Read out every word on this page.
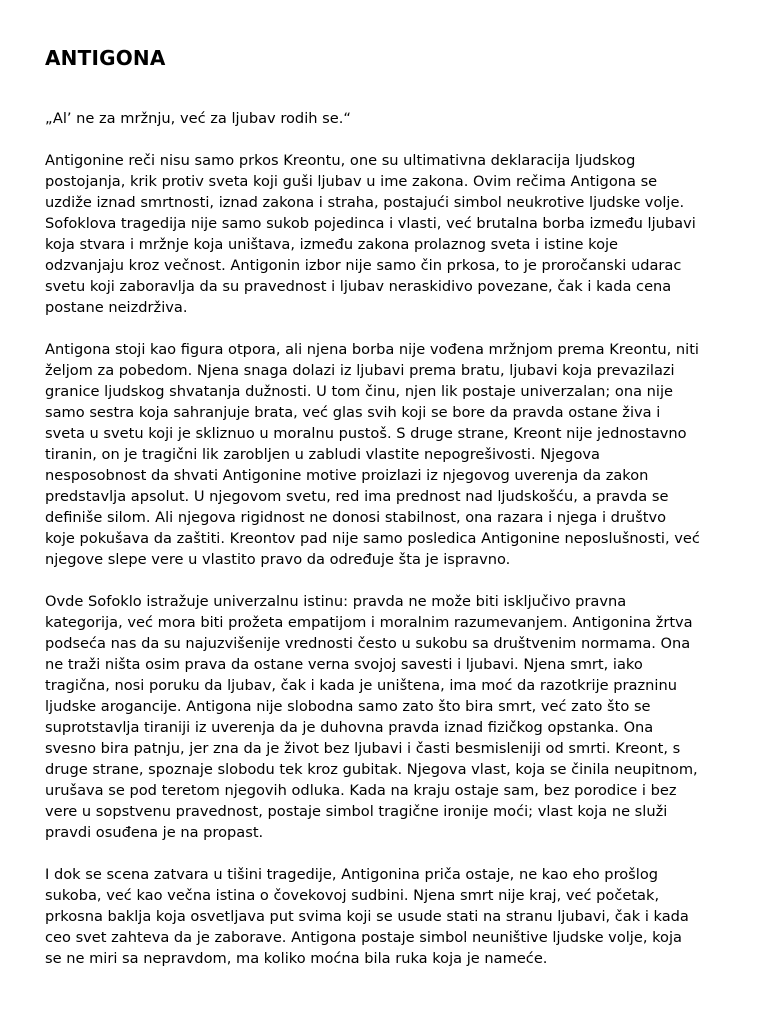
ANTIGONA

„Al’ ne za mržnju, već za ljubav rodih se.“

Antigonine reči nisu samo prkos Kreontu, one su ultimativna deklaracija ljudskog
postojanja, krik protiv sveta koji guši ljubav u ime zakona. Ovim rečima Antigona se
uzdiže iznad smrtnosti, iznad zakona i straha, postajući simbol neukrotive ljudske volje.
Sofoklova tragedija nije samo sukob pojedinca i vlasti, već brutalna borba između ljubavi
koja stvara i mržnje koja uništava, između zakona prolaznog sveta i istine koje
odzvanjaju kroz večnost. Antigonin izbor nije samo čin prkosa, to je proročanski udarac
svetu koji zaboravlja da su pravednost i ljubav neraskidivo povezane, čak i kada cena
postane neizdrživa.

Antigona stoji kao figura otpora, ali njena borba nije vođena mržnjom prema Kreontu, niti
željom za pobedom. Njena snaga dolazi iz ljubavi prema bratu, ljubavi koja prevazilazi
granice ljudskog shvatanja dužnosti. U tom činu, njen lik postaje univerzalan; ona nije
samo sestra koja sahranjuje brata, već glas svih koji se bore da pravda ostane živa i
sveta u svetu koji je skliznuo u moralnu pustoš. S druge strane, Kreont nije jednostavno
tiranin, on je tragični lik zarobljen u zabludi vlastite nepogrešivosti. Njegova
nesposobnost da shvati Antigonine motive proizlazi iz njegovog uverenja da zakon
predstavlja apsolut. U njegovom svetu, red ima prednost nad ljudskošću, a pravda se
definiše silom. Ali njegova rigidnost ne donosi stabilnost, ona razara i njega i društvo
koje pokušava da zaštiti. Kreontov pad nije samo posledica Antigonine neposlušnosti, već
njegove slepe vere u vlastito pravo da određuje šta je ispravno.

Ovde Sofoklo istražuje univerzalnu istinu: pravda ne može biti isključivo pravna
kategorija, već mora biti prožeta empatijom i moralnim razumevanjem. Antigonina žrtva
podseća nas da su najuzvišenije vrednosti često u sukobu sa društvenim normama. Ona
ne traži ništa osim prava da ostane verna svojoj savesti i ljubavi. Njena smrt, iako
tragična, nosi poruku da ljubav, čak i kada je uništena, ima moć da razotkrije prazninu
ljudske arogancije. Antigona nije slobodna samo zato što bira smrt, već zato što se
suprotstavlja tiraniji iz uverenja da je duhovna pravda iznad fizičkog opstanka. Ona
svesno bira patnju, jer zna da je život bez ljubavi i časti besmisleniji od smrti. Kreont, s
druge strane, spoznaje slobodu tek kroz gubitak. Njegova vlast, koja se činila neupitnom,
urušava se pod teretom njegovih odluka. Kada na kraju ostaje sam, bez porodice i bez
vere u sopstvenu pravednost, postaje simbol tragične ironije moći; vlast koja ne služi
pravdi osuđena je na propast.

I dok se scena zatvara u tišini tragedije, Antigonina priča ostaje, ne kao eho prošlog
sukoba, već kao večna istina o čovekovoj sudbini. Njena smrt nije kraj, već početak,
prkosna baklja koja osvetljava put svima koji se usude stati na stranu ljubavi, čak i kada
ceo svet zahteva da je zaborave. Antigona postaje simbol neuništive ljudske volje, koja
se ne miri sa nepravdom, ma koliko moćna bila ruka koja je nameće.
